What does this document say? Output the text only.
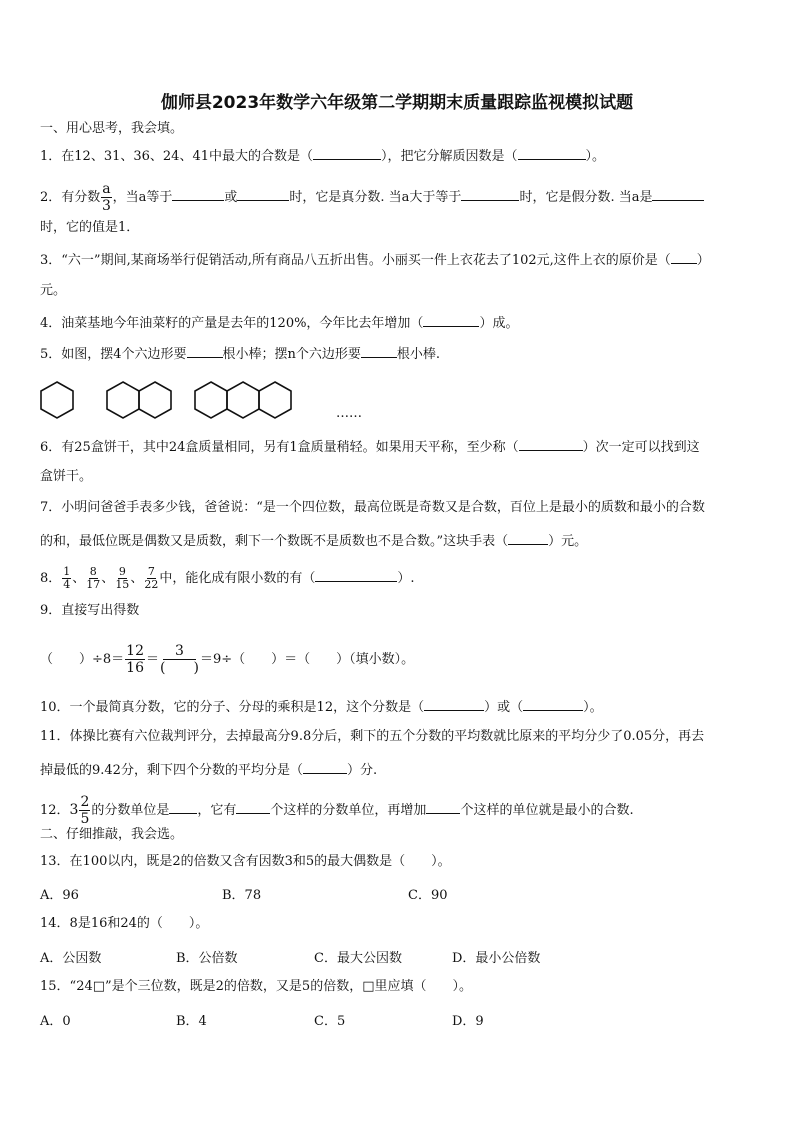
伽师县2023年数学六年级第二学期期末质量跟踪监视模拟试题
一、用心思考，我会填。
1．在12、31、36、24、41中最大的合数是（	），把它分解质因数是（	）。
2．有分数 $\frac{a}{3}$ ，当a等于	或	时，它是真分数. 当a大于等于	时，它是假分数. 当a是
时，它的值是1．
3．“六一”期间,某商场举行促销活动,所有商品八五折出售。小丽买一件上衣花去了102元,这件上衣的原价是（ ）
元。
4．油菜基地今年油菜籽的产量是去年的120%，今年比去年增加（	）成。
5．如图，摆4个六边形要	根小棒；摆n个六边形要	根小棒.
……
6．有25盒饼干，其中24盒质量相同，另有1盒质量稍轻。如果用天平称，至少称（	）次一定可以找到这
盒饼干。
7．小明问爸爸手表多少钱，爸爸说：“是一个四位数，最高位既是奇数又是合数，百位上是最小的质数和最小的合数
的和，最低位既是偶数又是质数，剩下一个数既不是质数也不是合数。”这块手表（	）元。
8． $\frac{1}{4}$ 、 $\frac{8}{17}$ 、 $\frac{9}{15}$ 、 $\frac{7}{22}$ 中，能化成有限小数的有（	）.
9．直接写出得数
（　　）$\div 8= \frac{12}{16} = \frac{3}{( )} =9\div$（　　）＝（　　）（填小数）。
10．一个最简真分数，它的分子、分母的乘积是12，这个分数是（	）或（	）。
11．体操比赛有六位裁判评分，去掉最高分9.8分后，剩下的五个分数的平均数就比原来的平均分少了0.05分，再去
掉最低的9.42分，剩下四个分数的平均分是（	）分.
12．$3 \frac{2}{5}$ 的分数单位是 ，它有	个这样的分数单位，再增加	个这样的单位就是最小的合数.
二、仔细推敲，我会选。
13．在100以内，既是2的倍数又含有因数3和5的最大偶数是（　　）。
A．96	B．78	C．90
14．8是16和24的（　　）。
A．公因数	B．公倍数	C．最大公因数	D．最小公倍数
15．“24□”是个三位数，既是2的倍数，又是5的倍数，□里应填（　　）。
A．0	B．4	C．5	D．9
